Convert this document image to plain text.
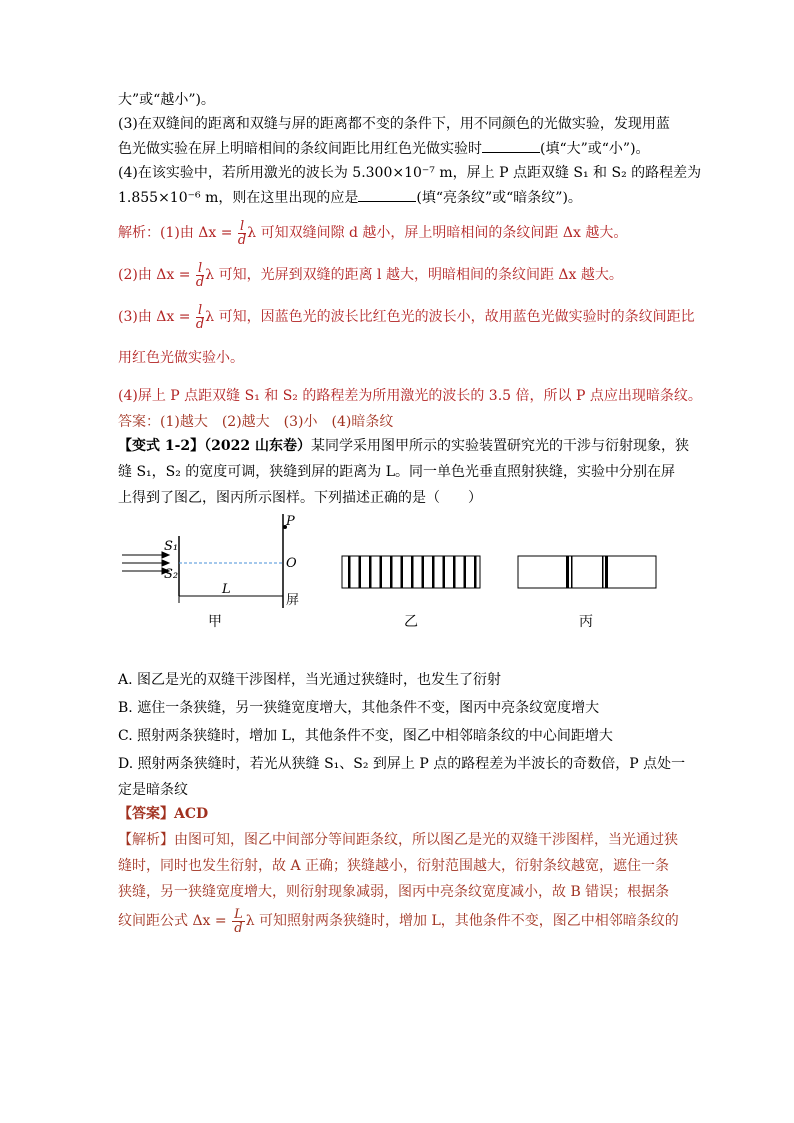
大”或“越小”)。

(3)在双缝间的距离和双缝与屏的距离都不变的条件下，用不同颜色的光做实验，发现用蓝

色光做实验在屏上明暗相间的条纹间距比用红色光做实验时	(填“大”或“小”)。

(4)在该实验中，若所用激光的波长为 5.300×10⁻⁷ m，屏上 P 点距双缝 S₁ 和 S₂ 的路程差为

1.855×10⁻⁶ m，则在这里出现的应是	(填“亮条纹”或“暗条纹”)。

解析：(1)由 $\Delta x = \frac{l}{d}$ λ 可知双缝间隙 d 越小，屏上明暗相间的条纹间距 Δx 越大。

(2)由 $\Delta x = \frac{l}{d}$ λ 可知，光屏到双缝的距离 l 越大，明暗相间的条纹间距 Δx 越大。

(3)由 $\Delta x = \frac{l}{d}$ λ 可知，因蓝色光的波长比红色光的波长小，故用蓝色光做实验时的条纹间距比

用红色光做实验小。

(4)屏上 P 点距双缝 S₁ 和 S₂ 的路程差为所用激光的波长的 3.5 倍，所以 P 点应出现暗条纹。

答案：(1)越大　(2)越大　(3)小　(4)暗条纹

【变式 1-2】（2022 山东卷）某同学采用图甲所示的实验装置研究光的干涉与衍射现象，狭

缝 S₁，S₂ 的宽度可调，狭缝到屏的距离为 L。同一单色光垂直照射狭缝，实验中分别在屏

上得到了图乙，图丙所示图样。下列描述正确的是（　　）

S₁
S₂
P
O
L
屏
甲	乙	丙

A. 图乙是光的双缝干涉图样，当光通过狭缝时，也发生了衍射

B. 遮住一条狭缝，另一狭缝宽度增大，其他条件不变，图丙中亮条纹宽度增大

C. 照射两条狭缝时，增加 L，其他条件不变，图乙中相邻暗条纹的中心间距增大

D. 照射两条狭缝时，若光从狭缝 S₁、S₂ 到屏上 P 点的路程差为半波长的奇数倍，P 点处一

定是暗条纹

【答案】ACD

【解析】由图可知，图乙中间部分等间距条纹，所以图乙是光的双缝干涉图样，当光通过狭

缝时，同时也发生衍射，故 A 正确；狭缝越小，衍射范围越大，衍射条纹越宽，遮住一条

狭缝，另一狭缝宽度增大，则衍射现象减弱，图丙中亮条纹宽度减小，故 B 错误；根据条

纹间距公式 $\Delta x = \frac{L}{d}$ λ 可知照射两条狭缝时，增加 L，其他条件不变，图乙中相邻暗条纹的
